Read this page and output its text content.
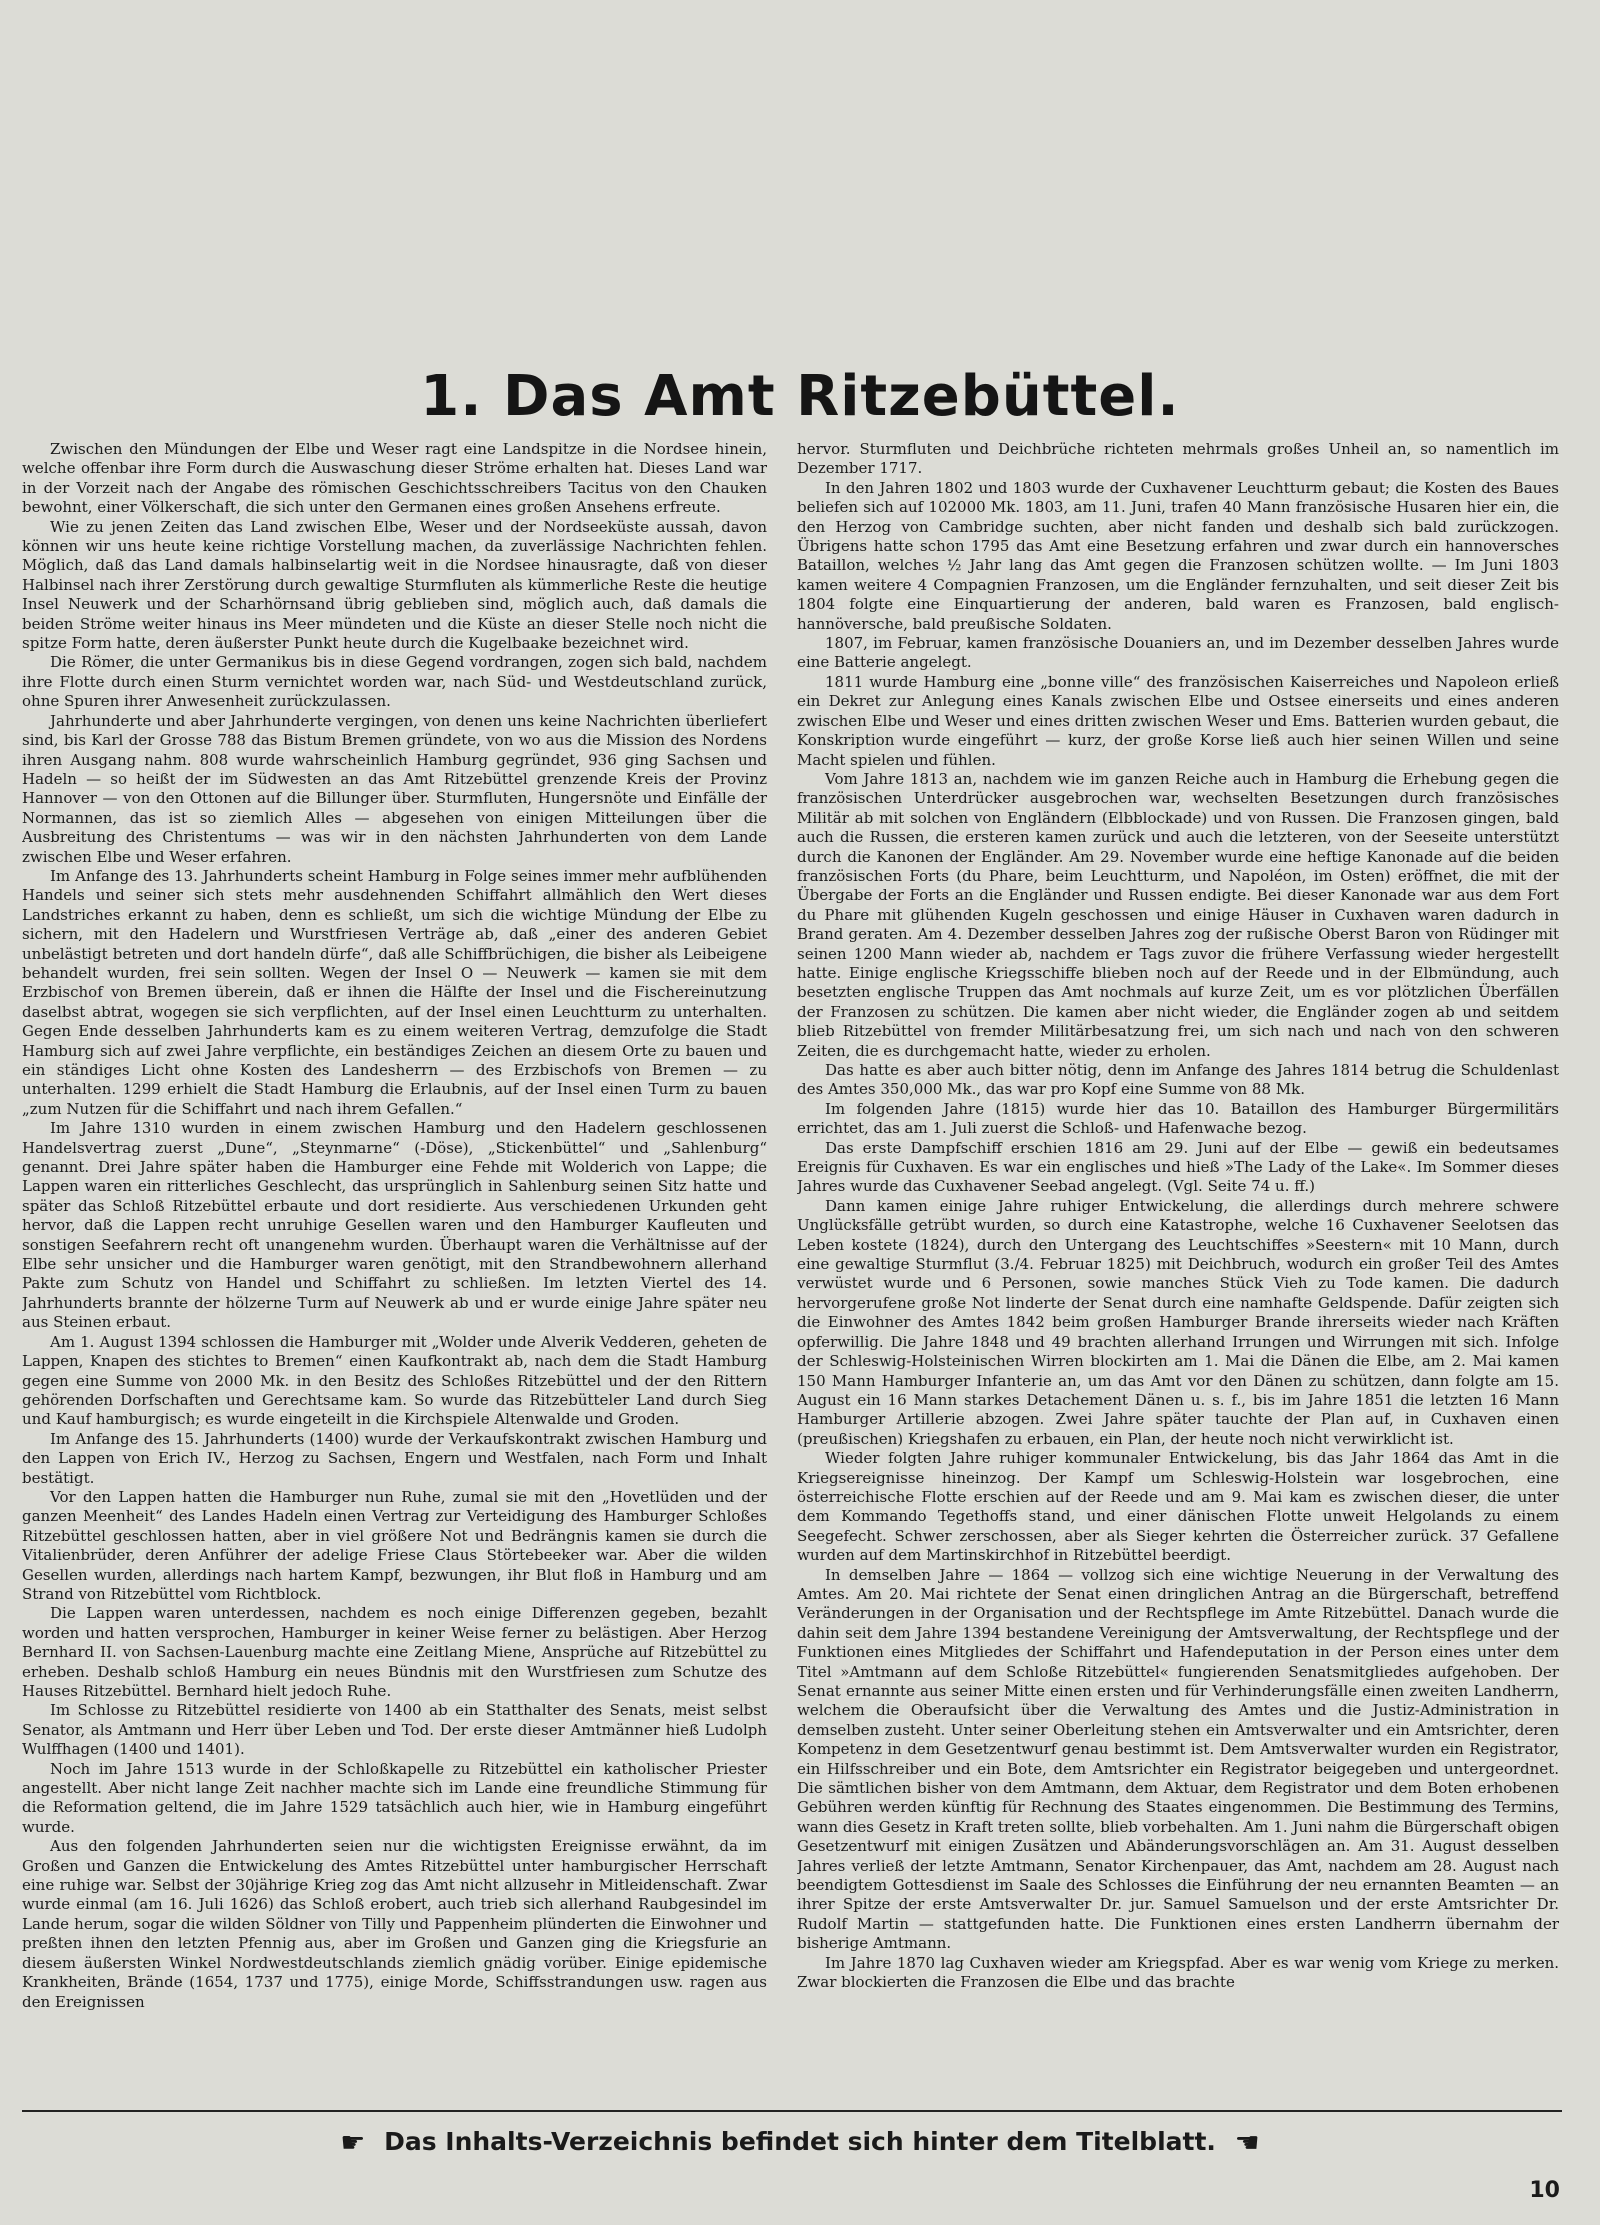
1. Das Amt Ritzebüttel.

Zwischen den Mündungen der Elbe und Weser ragt eine Landspitze in die Nordsee hinein, welche offenbar ihre Form durch die Auswaschung dieser Ströme erhalten hat. Dieses Land war in der Vorzeit nach der Angabe des römischen Geschichtsschreibers Tacitus von den Chauken bewohnt, einer Völkerschaft, die sich unter den Germanen eines großen Ansehens erfreute.

Wie zu jenen Zeiten das Land zwischen Elbe, Weser und der Nordseeküste aussah, davon können wir uns heute keine richtige Vorstellung machen, da zuverlässige Nachrichten fehlen. Möglich, daß das Land damals halbinselartig weit in die Nordsee hinausragte, daß von dieser Halbinsel nach ihrer Zerstörung durch gewaltige Sturmfluten als kümmerliche Reste die heutige Insel Neuwerk und der Scharhörnsand übrig geblieben sind, möglich auch, daß damals die beiden Ströme weiter hinaus ins Meer mündeten und die Küste an dieser Stelle noch nicht die spitze Form hatte, deren äußerster Punkt heute durch die Kugelbaake bezeichnet wird.

Die Römer, die unter Germanikus bis in diese Gegend vordrangen, zogen sich bald, nachdem ihre Flotte durch einen Sturm vernichtet worden war, nach Süd- und Westdeutschland zurück, ohne Spuren ihrer Anwesenheit zurückzulassen.

Jahrhunderte und aber Jahrhunderte vergingen, von denen uns keine Nachrichten überliefert sind, bis Karl der Grosse 788 das Bistum Bremen gründete, von wo aus die Mission des Nordens ihren Ausgang nahm. 808 wurde wahrscheinlich Hamburg gegründet, 936 ging Sachsen und Hadeln — so heißt der im Südwesten an das Amt Ritzebüttel grenzende Kreis der Provinz Hannover — von den Ottonen auf die Billunger über. Sturmfluten, Hungersnöte und Einfälle der Normannen, das ist so ziemlich Alles — abgesehen von einigen Mitteilungen über die Ausbreitung des Christentums — was wir in den nächsten Jahrhunderten von dem Lande zwischen Elbe und Weser erfahren.

Im Anfange des 13. Jahrhunderts scheint Hamburg in Folge seines immer mehr aufblühenden Handels und seiner sich stets mehr ausdehnenden Schiffahrt allmählich den Wert dieses Landstriches erkannt zu haben, denn es schließt, um sich die wichtige Mündung der Elbe zu sichern, mit den Hadelern und Wurstfriesen Verträge ab, daß „einer des anderen Gebiet unbelästigt betreten und dort handeln dürfe“, daß alle Schiffbrüchigen, die bisher als Leibeigene behandelt wurden, frei sein sollten. Wegen der Insel O — Neuwerk — kamen sie mit dem Erzbischof von Bremen überein, daß er ihnen die Hälfte der Insel und die Fischereinutzung daselbst abtrat, wogegen sie sich verpflichten, auf der Insel einen Leuchtturm zu unterhalten. Gegen Ende desselben Jahrhunderts kam es zu einem weiteren Vertrag, demzufolge die Stadt Hamburg sich auf zwei Jahre verpflichte, ein beständiges Zeichen an diesem Orte zu bauen und ein ständiges Licht ohne Kosten des Landesherrn — des Erzbischofs von Bremen — zu unterhalten. 1299 erhielt die Stadt Hamburg die Erlaubnis, auf der Insel einen Turm zu bauen „zum Nutzen für die Schiffahrt und nach ihrem Gefallen.“

Im Jahre 1310 wurden in einem zwischen Hamburg und den Hadelern geschlossenen Handelsvertrag zuerst „Dune“, „Steynmarne“ (-Döse), „Stickenbüttel“ und „Sahlenburg“ genannt. Drei Jahre später haben die Hamburger eine Fehde mit Wolderich von Lappe; die Lappen waren ein ritterliches Geschlecht, das ursprünglich in Sahlenburg seinen Sitz hatte und später das Schloß Ritzebüttel erbaute und dort residierte. Aus verschiedenen Urkunden geht hervor, daß die Lappen recht unruhige Gesellen waren und den Hamburger Kaufleuten und sonstigen Seefahrern recht oft unangenehm wurden. Überhaupt waren die Verhältnisse auf der Elbe sehr unsicher und die Hamburger waren genötigt, mit den Strandbewohnern allerhand Pakte zum Schutz von Handel und Schiffahrt zu schließen. Im letzten Viertel des 14. Jahrhunderts brannte der hölzerne Turm auf Neuwerk ab und er wurde einige Jahre später neu aus Steinen erbaut.

Am 1. August 1394 schlossen die Hamburger mit „Wolder unde Alverik Vedderen, geheten de Lappen, Knapen des stichtes to Bremen“ einen Kaufkontrakt ab, nach dem die Stadt Hamburg gegen eine Summe von 2000 Mk. in den Besitz des Schloßes Ritzebüttel und der den Rittern gehörenden Dorfschaften und Gerechtsame kam. So wurde das Ritzebütteler Land durch Sieg und Kauf hamburgisch; es wurde eingeteilt in die Kirchspiele Altenwalde und Groden.

Im Anfange des 15. Jahrhunderts (1400) wurde der Verkaufskontrakt zwischen Hamburg und den Lappen von Erich IV., Herzog zu Sachsen, Engern und Westfalen, nach Form und Inhalt bestätigt.

Vor den Lappen hatten die Hamburger nun Ruhe, zumal sie mit den „Hovetlüden und der ganzen Meenheit“ des Landes Hadeln einen Vertrag zur Verteidigung des Hamburger Schloßes Ritzebüttel geschlossen hatten, aber in viel größere Not und Bedrängnis kamen sie durch die Vitalienbrüder, deren Anführer der adelige Friese Claus Störtebeeker war. Aber die wilden Gesellen wurden, allerdings nach hartem Kampf, bezwungen, ihr Blut floß in Hamburg und am Strand von Ritzebüttel vom Richtblock.

Die Lappen waren unterdessen, nachdem es noch einige Differenzen gegeben, bezahlt worden und hatten versprochen, Hamburger in keiner Weise ferner zu belästigen. Aber Herzog Bernhard II. von Sachsen-Lauenburg machte eine Zeitlang Miene, Ansprüche auf Ritzebüttel zu erheben. Deshalb schloß Hamburg ein neues Bündnis mit den Wurstfriesen zum Schutze des Hauses Ritzebüttel. Bernhard hielt jedoch Ruhe.

Im Schlosse zu Ritzebüttel residierte von 1400 ab ein Statthalter des Senats, meist selbst Senator, als Amtmann und Herr über Leben und Tod. Der erste dieser Amtmänner hieß Ludolph Wulffhagen (1400 und 1401).

Noch im Jahre 1513 wurde in der Schloßkapelle zu Ritzebüttel ein katholischer Priester angestellt. Aber nicht lange Zeit nachher machte sich im Lande eine freundliche Stimmung für die Reformation geltend, die im Jahre 1529 tatsächlich auch hier, wie in Hamburg eingeführt wurde.

Aus den folgenden Jahrhunderten seien nur die wichtigsten Ereignisse erwähnt, da im Großen und Ganzen die Entwickelung des Amtes Ritzebüttel unter hamburgischer Herrschaft eine ruhige war. Selbst der 30jährige Krieg zog das Amt nicht allzusehr in Mitleidenschaft. Zwar wurde einmal (am 16. Juli 1626) das Schloß erobert, auch trieb sich allerhand Raubgesindel im Lande herum, sogar die wilden Söldner von Tilly und Pappenheim plünderten die Einwohner und preßten ihnen den letzten Pfennig aus, aber im Großen und Ganzen ging die Kriegsfurie an diesem äußersten Winkel Nordwestdeutschlands ziemlich gnädig vorüber. Einige epidemische Krankheiten, Brände (1654, 1737 und 1775), einige Morde, Schiffsstrandungen usw. ragen aus den Ereignissen

hervor. Sturmfluten und Deichbrüche richteten mehrmals großes Unheil an, so namentlich im Dezember 1717.

In den Jahren 1802 und 1803 wurde der Cuxhavener Leuchtturm gebaut; die Kosten des Baues beliefen sich auf 102000 Mk. 1803, am 11. Juni, trafen 40 Mann französische Husaren hier ein, die den Herzog von Cambridge suchten, aber nicht fanden und deshalb sich bald zurückzogen. Übrigens hatte schon 1795 das Amt eine Besetzung erfahren und zwar durch ein hannoversches Bataillon, welches ½ Jahr lang das Amt gegen die Franzosen schützen wollte. — Im Juni 1803 kamen weitere 4 Compagnien Franzosen, um die Engländer fernzuhalten, und seit dieser Zeit bis 1804 folgte eine Einquartierung der anderen, bald waren es Franzosen, bald englisch-hannöversche, bald preußische Soldaten.

1807, im Februar, kamen französische Douaniers an, und im Dezember desselben Jahres wurde eine Batterie angelegt.

1811 wurde Hamburg eine „bonne ville“ des französischen Kaiserreiches und Napoleon erließ ein Dekret zur Anlegung eines Kanals zwischen Elbe und Ostsee einerseits und eines anderen zwischen Elbe und Weser und eines dritten zwischen Weser und Ems. Batterien wurden gebaut, die Konskription wurde eingeführt — kurz, der große Korse ließ auch hier seinen Willen und seine Macht spielen und fühlen.

Vom Jahre 1813 an, nachdem wie im ganzen Reiche auch in Hamburg die Erhebung gegen die französischen Unterdrücker ausgebrochen war, wechselten Besetzungen durch französisches Militär ab mit solchen von Engländern (Elbblockade) und von Russen. Die Franzosen gingen, bald auch die Russen, die ersteren kamen zurück und auch die letzteren, von der Seeseite unterstützt durch die Kanonen der Engländer. Am 29. November wurde eine heftige Kanonade auf die beiden französischen Forts (du Phare, beim Leuchtturm, und Napoléon, im Osten) eröffnet, die mit der Übergabe der Forts an die Engländer und Russen endigte. Bei dieser Kanonade war aus dem Fort du Phare mit glühenden Kugeln geschossen und einige Häuser in Cuxhaven waren dadurch in Brand geraten. Am 4. Dezember desselben Jahres zog der rußische Oberst Baron von Rüdinger mit seinen 1200 Mann wieder ab, nachdem er Tags zuvor die frühere Verfassung wieder hergestellt hatte. Einige englische Kriegsschiffe blieben noch auf der Reede und in der Elbmündung, auch besetzten englische Truppen das Amt nochmals auf kurze Zeit, um es vor plötzlichen Überfällen der Franzosen zu schützen. Die kamen aber nicht wieder, die Engländer zogen ab und seitdem blieb Ritzebüttel von fremder Militärbesatzung frei, um sich nach und nach von den schweren Zeiten, die es durchgemacht hatte, wieder zu erholen.

Das hatte es aber auch bitter nötig, denn im Anfange des Jahres 1814 betrug die Schuldenlast des Amtes 350,000 Mk., das war pro Kopf eine Summe von 88 Mk.

Im folgenden Jahre (1815) wurde hier das 10. Bataillon des Hamburger Bürgermilitärs errichtet, das am 1. Juli zuerst die Schloß- und Hafenwache bezog.

Das erste Dampfschiff erschien 1816 am 29. Juni auf der Elbe — gewiß ein bedeutsames Ereignis für Cuxhaven. Es war ein englisches und hieß »The Lady of the Lake«. Im Sommer dieses Jahres wurde das Cuxhavener Seebad angelegt. (Vgl. Seite 74 u. ff.)

Dann kamen einige Jahre ruhiger Entwickelung, die allerdings durch mehrere schwere Unglücksfälle getrübt wurden, so durch eine Katastrophe, welche 16 Cuxhavener Seelotsen das Leben kostete (1824), durch den Untergang des Leuchtschiffes »Seestern« mit 10 Mann, durch eine gewaltige Sturmflut (3./4. Februar 1825) mit Deichbruch, wodurch ein großer Teil des Amtes verwüstet wurde und 6 Personen, sowie manches Stück Vieh zu Tode kamen. Die dadurch hervorgerufene große Not linderte der Senat durch eine namhafte Geldspende. Dafür zeigten sich die Einwohner des Amtes 1842 beim großen Hamburger Brande ihrerseits wieder nach Kräften opferwillig. Die Jahre 1848 und 49 brachten allerhand Irrungen und Wirrungen mit sich. Infolge der Schleswig-Holsteinischen Wirren blockirten am 1. Mai die Dänen die Elbe, am 2. Mai kamen 150 Mann Hamburger Infanterie an, um das Amt vor den Dänen zu schützen, dann folgte am 15. August ein 16 Mann starkes Detachement Dänen u. s. f., bis im Jahre 1851 die letzten 16 Mann Hamburger Artillerie abzogen. Zwei Jahre später tauchte der Plan auf, in Cuxhaven einen (preußischen) Kriegshafen zu erbauen, ein Plan, der heute noch nicht verwirklicht ist.

Wieder folgten Jahre ruhiger kommunaler Entwickelung, bis das Jahr 1864 das Amt in die Kriegsereignisse hineinzog. Der Kampf um Schleswig-Holstein war losgebrochen, eine österreichische Flotte erschien auf der Reede und am 9. Mai kam es zwischen dieser, die unter dem Kommando Tegethoffs stand, und einer dänischen Flotte unweit Helgolands zu einem Seegefecht. Schwer zerschossen, aber als Sieger kehrten die Österreicher zurück. 37 Gefallene wurden auf dem Martinskirchhof in Ritzebüttel beerdigt.

In demselben Jahre — 1864 — vollzog sich eine wichtige Neuerung in der Verwaltung des Amtes. Am 20. Mai richtete der Senat einen dringlichen Antrag an die Bürgerschaft, betreffend Veränderungen in der Organisation und der Rechtspflege im Amte Ritzebüttel. Danach wurde die dahin seit dem Jahre 1394 bestandene Vereinigung der Amtsverwaltung, der Rechtspflege und der Funktionen eines Mitgliedes der Schiffahrt und Hafendeputation in der Person eines unter dem Titel »Amtmann auf dem Schloße Ritzebüttel« fungierenden Senatsmitgliedes aufgehoben. Der Senat ernannte aus seiner Mitte einen ersten und für Verhinderungsfälle einen zweiten Landherrn, welchem die Oberaufsicht über die Verwaltung des Amtes und die Justiz-Administration in demselben zusteht. Unter seiner Oberleitung stehen ein Amtsverwalter und ein Amtsrichter, deren Kompetenz in dem Gesetzentwurf genau bestimmt ist. Dem Amtsverwalter wurden ein Registrator, ein Hilfsschreiber und ein Bote, dem Amtsrichter ein Registrator beigegeben und untergeordnet. Die sämtlichen bisher von dem Amtmann, dem Aktuar, dem Registrator und dem Boten erhobenen Gebühren werden künftig für Rechnung des Staates eingenommen. Die Bestimmung des Termins, wann dies Gesetz in Kraft treten sollte, blieb vorbehalten. Am 1. Juni nahm die Bürgerschaft obigen Gesetzentwurf mit einigen Zusätzen und Abänderungsvorschlägen an. Am 31. August desselben Jahres verließ der letzte Amtmann, Senator Kirchenpauer, das Amt, nachdem am 28. August nach beendigtem Gottesdienst im Saale des Schlosses die Einführung der neu ernannten Beamten — an ihrer Spitze der erste Amtsverwalter Dr. jur. Samuel Samuelson und der erste Amtsrichter Dr. Rudolf Martin — stattgefunden hatte. Die Funktionen eines ersten Landherrn übernahm der bisherige Amtmann.

Im Jahre 1870 lag Cuxhaven wieder am Kriegspfad. Aber es war wenig vom Kriege zu merken. Zwar blockierten die Franzosen die Elbe und das brachte

☛ Das Inhalts-Verzeichnis befindet sich hinter dem Titelblatt. ☚
10
